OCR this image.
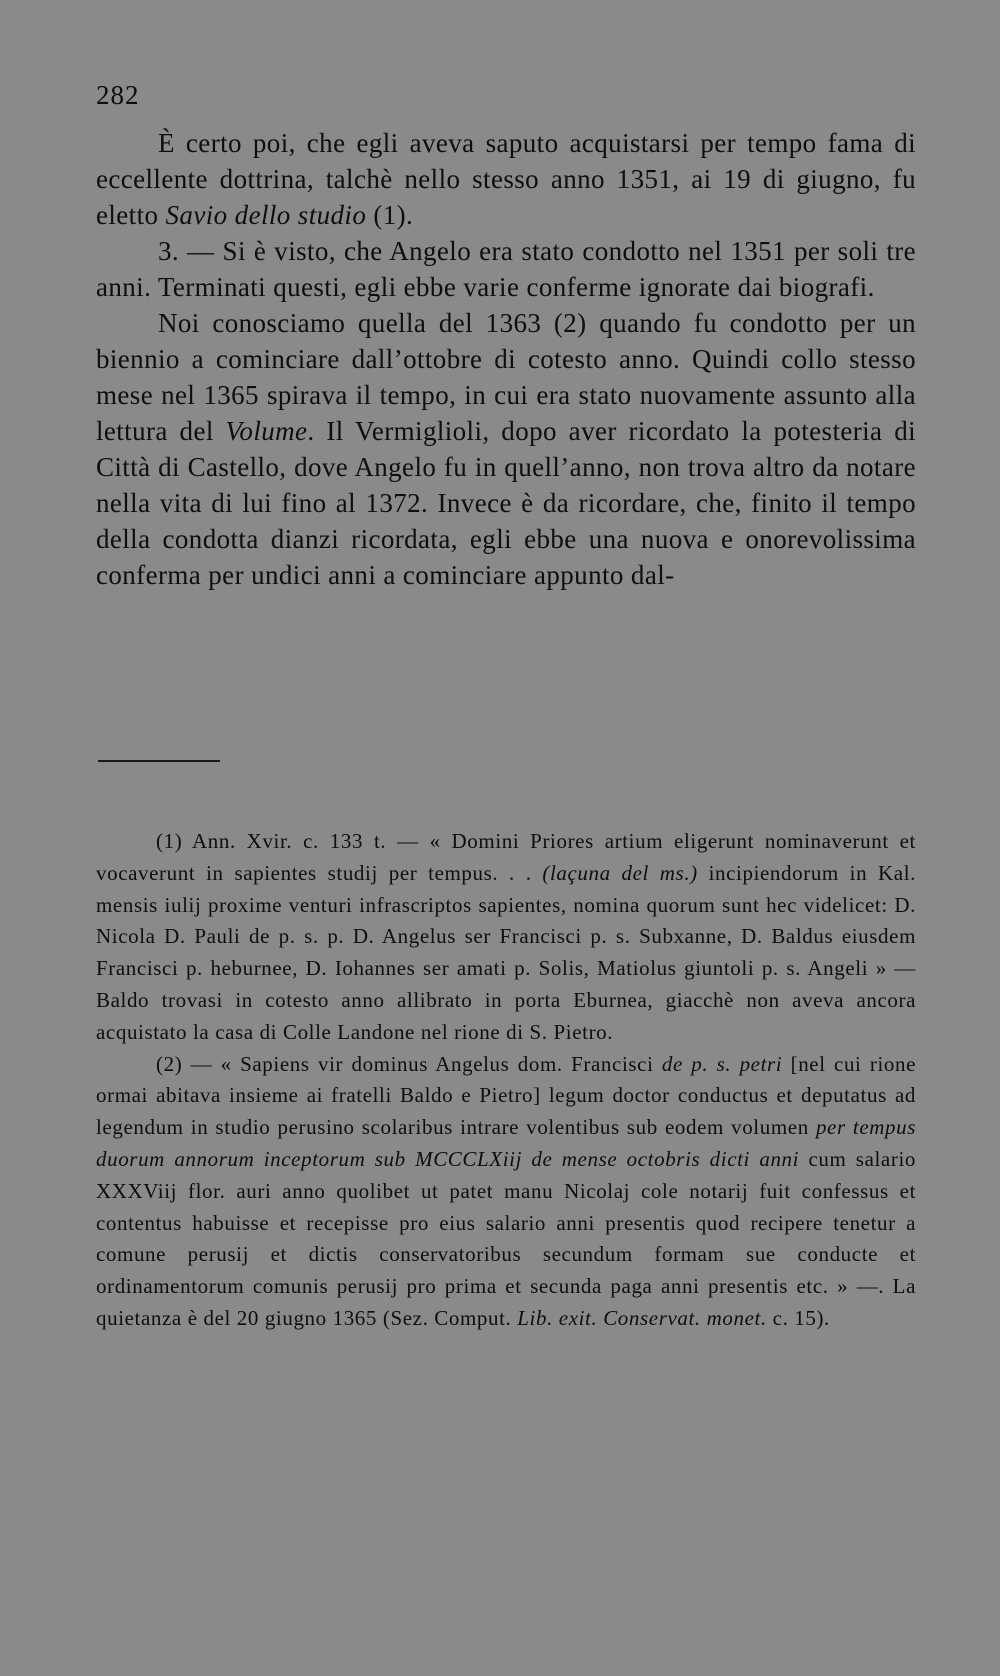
282

È certo poi, che egli aveva saputo acquistarsi per tempo fama di eccellente dottrina, talchè nello stesso anno 1351, ai 19 di giugno, fu eletto Savio dello studio (1).

3. — Si è visto, che Angelo era stato condotto nel 1351 per soli tre anni. Terminati questi, egli ebbe varie conferme ignorate dai biografi.

Noi conosciamo quella del 1363 (2) quando fu condotto per un biennio a cominciare dall’ottobre di cotesto anno. Quindi collo stesso mese nel 1365 spirava il tempo, in cui era stato nuovamente assunto alla lettura del Volume. Il Vermiglioli, dopo aver ricordato la potesteria di Città di Castello, dove Angelo fu in quell’anno, non trova altro da notare nella vita di lui fino al 1372. Invece è da ricordare, che, finito il tempo della condotta dianzi ricordata, egli ebbe una nuova e onorevolissima conferma per undici anni a cominciare appunto dal-

(1) Ann. Xvir. c. 133 t. — « Domini Priores artium eligerunt nominaverunt et vocaverunt in sapientes studij per tempus. . . (laçuna del ms.) incipiendorum in Kal. mensis iulij proxime venturi infrascriptos sapientes, nomina quorum sunt hec videlicet: D. Nicola D. Pauli de p. s. p. D. Angelus ser Francisci p. s. Subxanne, D. Baldus eiusdem Francisci p. heburnee, D. Iohannes ser amati p. Solis, Matiolus giuntoli p. s. Angeli » — Baldo trovasi in cotesto anno allibrato in porta Eburnea, giacchè non aveva ancora acquistato la casa di Colle Landone nel rione di S. Pietro.

(2) — « Sapiens vir dominus Angelus dom. Francisci de p. s. petri [nel cui rione ormai abitava insieme ai fratelli Baldo e Pietro] legum doctor conductus et deputatus ad legendum in studio perusino scolaribus intrare volentibus sub eodem volumen per tempus duorum annorum inceptorum sub MCCCLXiij de mense octobris dicti anni cum salario XXXViij flor. auri anno quolibet ut patet manu Nicolaj cole notarij fuit confessus et contentus habuisse et recepisse pro eius salario anni presentis quod recipere tenetur a comune perusij et dictis conservatoribus secundum formam sue conducte et ordinamentorum comunis perusij pro prima et secunda paga anni presentis etc. » —. La quietanza è del 20 giugno 1365 (Sez. Comput. Lib. exit. Conservat. monet. c. 15).
